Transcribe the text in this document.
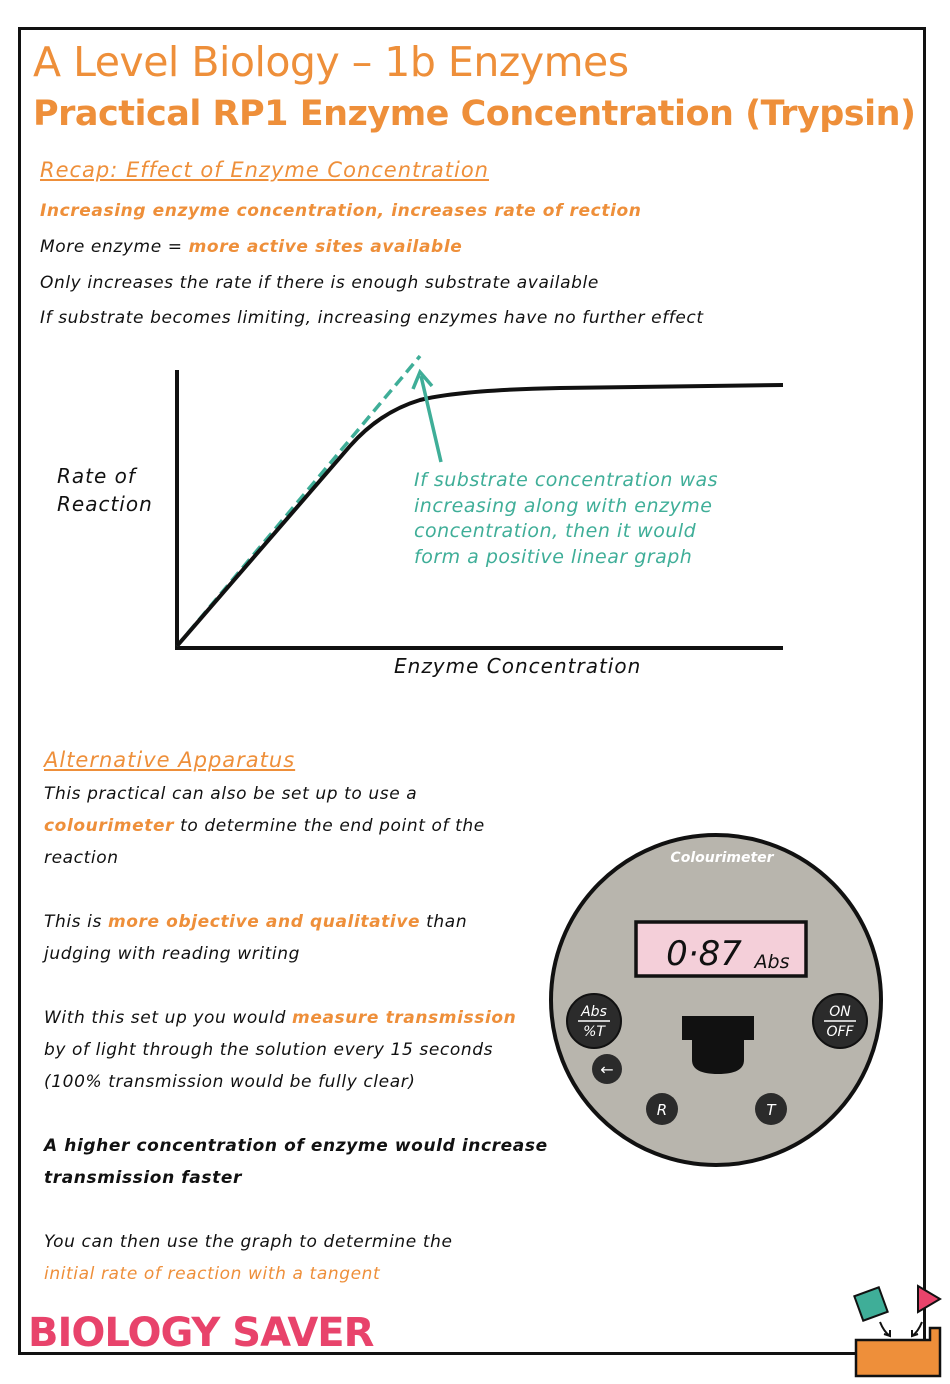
A Level Biology – 1b Enzymes
Practical RP1 Enzyme Concentration (Trypsin)
Recap: Effect of Enzyme Concentration
Increasing enzyme concentration, increases rate of rection
More enzyme = more active sites available
Only increases the rate if there is enough substrate available
If substrate becomes limiting, increasing enzymes have no further effect
Rate of
Reaction
Enzyme Concentration
If substrate concentration was
increasing along with enzyme
concentration, then it would
form a positive linear graph
Alternative Apparatus
This practical can also be set up to use a
colourimeter to determine the end point of the
reaction
This is more objective and qualitative than
judging with reading writing
With this set up you would measure transmission
by of light through the solution every 15 seconds
(100% transmission would be fully clear)
A higher concentration of enzyme would increase
transmission faster
You can then use the graph to determine the
initial rate of reaction with a tangent
Colourimeter
0·87 Abs
Abs
%T
ON
OFF
←
R	T
BIOLOGY SAVER
